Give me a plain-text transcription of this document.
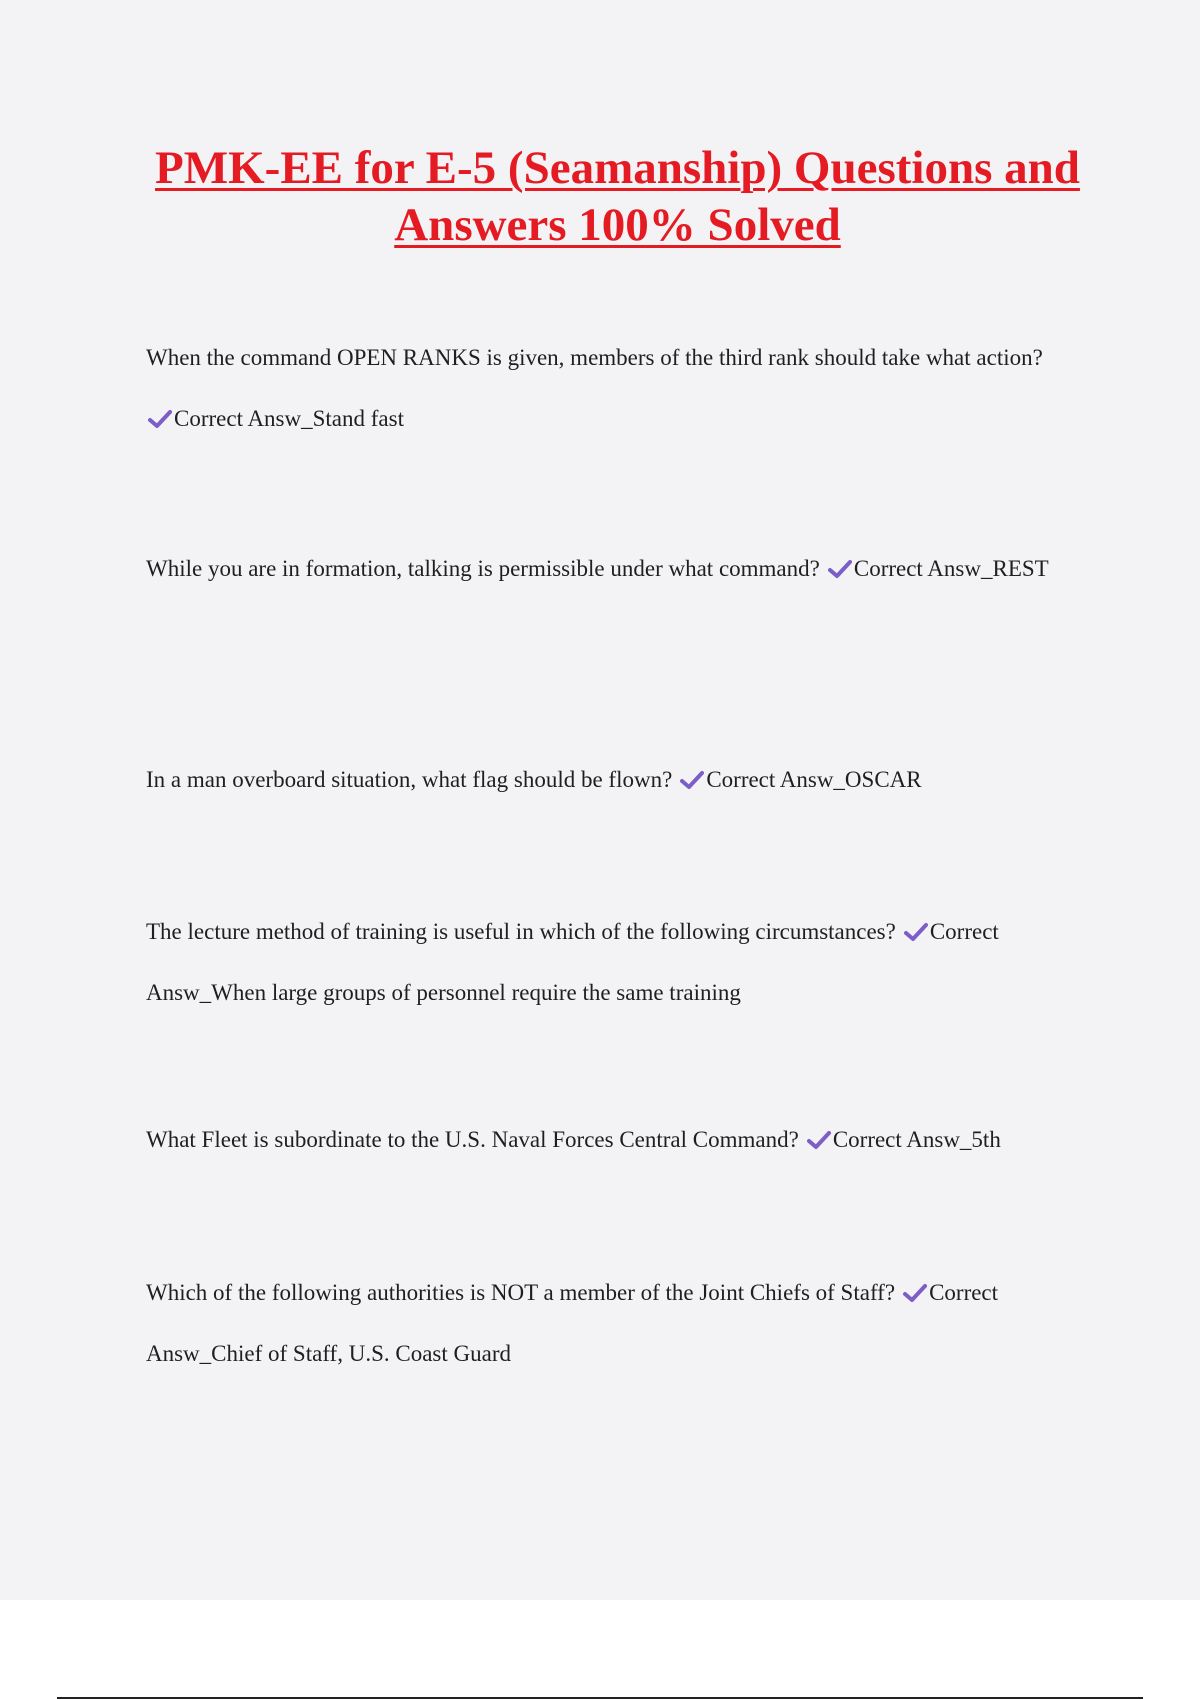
PMK-EE for E-5 (Seamanship) Questions and Answers 100% Solved

When the command OPEN RANKS is given, members of the third rank should take what action?

Correct Answ_Stand fast

While you are in formation, talking is permissible under what command? Correct Answ_REST

In a man overboard situation, what flag should be flown? Correct Answ_OSCAR

The lecture method of training is useful in which of the following circumstances? Correct Answ_When large groups of personnel require the same training

What Fleet is subordinate to the U.S. Naval Forces Central Command? Correct Answ_5th

Which of the following authorities is NOT a member of the Joint Chiefs of Staff? Correct Answ_Chief of Staff, U.S. Coast Guard
